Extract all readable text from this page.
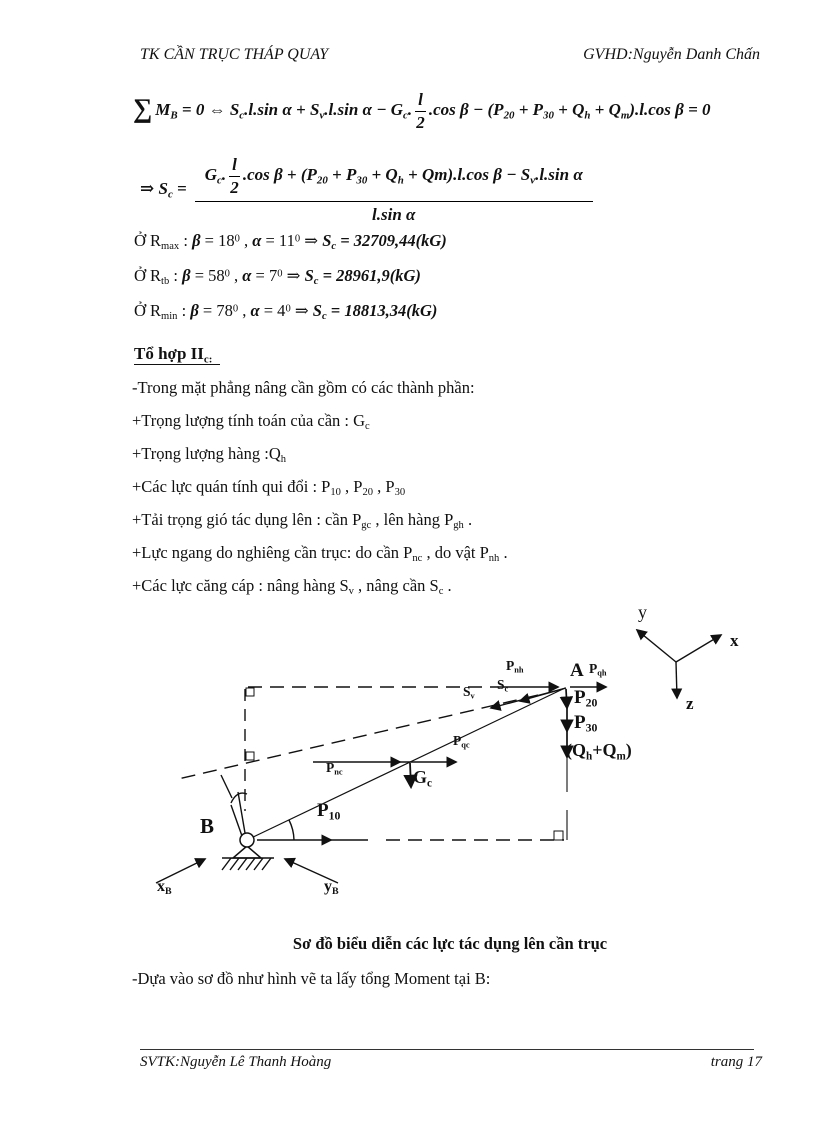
TK CẦN TRỤC THÁP QUAY	GVHD:Nguyễn Danh Chấn
∑ $M_B = 0$ ⇔ $S_c.l.\sin$ $\alpha + S_v.l.\sin$ $\alpha - G_c$. $\frac{l}{2} .\cos$ $\beta - (P_{20} + P_{30} + Q_h + Q_m).l.\cos$ β = 0
⇒ $S_c = \frac{G_c. \frac{l}{2} .\cos \beta + (P_{20} + P_{30} + Q_h + Qm).l.\cos \beta - S_v.l.\sin \alpha}{\text{l.sin α}}$

Ở $R_{max}$ : $\beta = 18^0$ , $\alpha = 11^0$ ⇒ $S_c = 32709,44(kG)$

Ở $R_{tb}$ : $\beta = 58^0$ , $\alpha = 7^0$ ⇒ $S_c = 28961,9(kG)$

Ở $R_{min}$ : $\beta = 78^0$ , $\alpha = 4^0$ ⇒ $S_c = 18813,34(kG)$

Tổ hợp $II_{c:}$

-Trong mặt phẳng nâng cần gồm có các thành phần:

+Trọng lượng tính toán của cần : $G_c$

+Trọng lượng hàng $:Q_h$

+Các lực quán tính qui đổi : $P_{10}$ , $P_{20}$ , $P_{30}$

+Tải trọng gió tác dụng lên : cần $P_{gc}$ , lên hàng $P_{gh}$ .

+Lực ngang do nghiêng cần trục: do cần $P_{nc}$ , do vật $P_{nh}$ .

+Các lực căng cáp : nâng hàng $S_v$ , nâng cần $S_c$ .

y
x
z
A
$P_{nh}$	$P_{qh}$
$P_{20}$
$P_{30}$
$(Q_h+Q_m)$
$S_c$
$S_v$
$P_{qc}$
$P_{nc}$	$G_c$
$P_{10}$
B
$x_B$	$y_B$
Sơ đồ biểu diễn các lực tác dụng lên cần trục
-Dựa vào sơ đồ như hình vẽ ta lấy tổng Moment tại B:
SVTK:Nguyễn Lê Thanh Hoàng	trang 17
